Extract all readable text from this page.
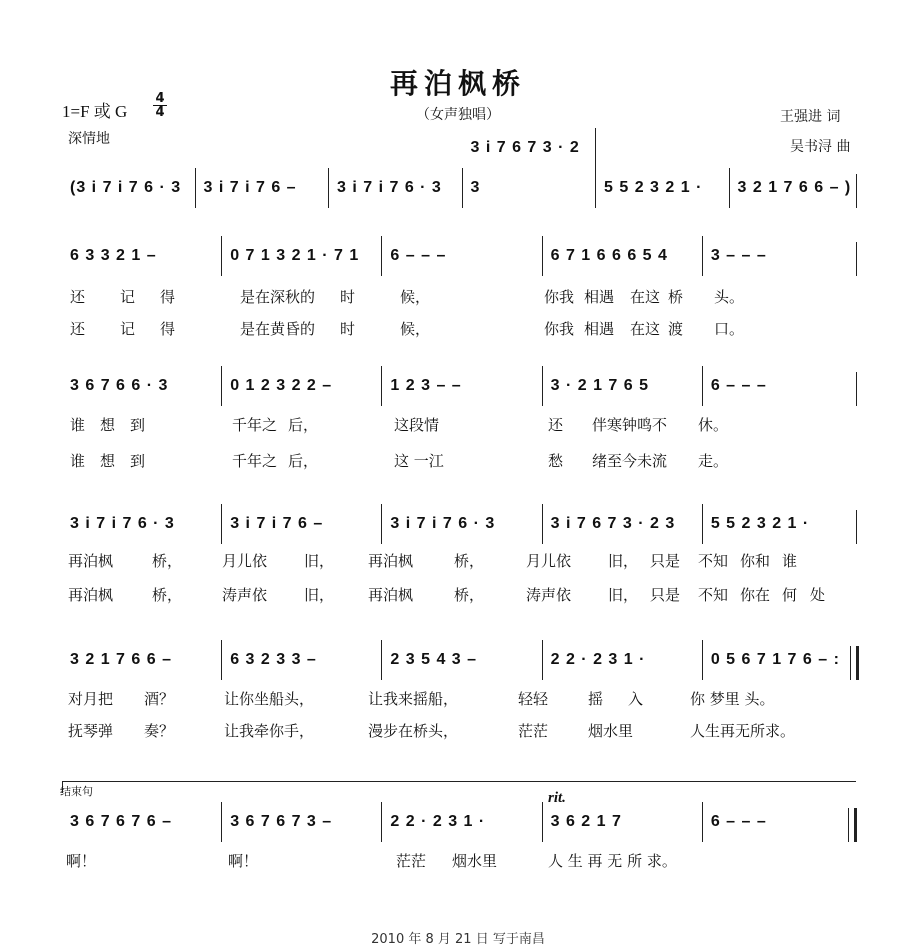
再泊枫桥
（女声独唱）
1=F 或 G
4
4
深情地
王强进 词
吴书浔 曲
(3 i 7 i 7 6 · 3	3 i 7 i 7 6 –	3 i 7 i 7 6 · 3
3 i 7 6 7 3 · 2 3	5 5 2 3 2 1 ·	3 2 1 7 6 6 – )
6 3 3 2 1 –	0 7 1 3 2 1 · 7 1	6 – – –	6 7 1 6 6 6 5 4	3 – – –
还 记 得	是在深秋的 时	候，	你我 相遇 在这 桥 头。
还 记 得	是在黄昏的 时	候，	你我 相遇 在这 渡 口。
3 6 7 6 6 · 3	0 1 2 3 2 2 –	1 2 3 – –	3 · 2 1 7 6 5	6 – – –
谁 想 到	千年之 后，	这段情	还 伴寒钟鸣不 休。
谁 想 到	千年之 后，	这 一江	愁 绪至今未流 走。
3 i 7 i 7 6 · 3	3 i 7 i 7 6 –	3 i 7 i 7 6 · 3	3 i 7 6 7 3 · 2 3	5 5 2 3 2 1 ·
再泊枫	桥，	月儿依 旧， 再泊枫	桥，	月儿依 旧， 只是 不知 你和 谁
再泊枫	桥，	涛声依 旧， 再泊枫	桥，	涛声依 旧， 只是 不知 你在 何 处
3 2 1 7 6 6 –	6 3 2 3 3 –	2 3 5 4 3 –	2 2 · 2 3 1 ·	0 5 6 7 1 7 6 – :
对月把 酒？	让你坐船头，	让我来摇船，	轻轻	摇 入	你 梦里 头。
抚琴弹 奏？	让我牵你手，	漫步在桥头，	茫茫	烟水里	人生再无所求。
结束句	rit.
3 6 7 6 7 6 –	3 6 7 6 7 3 –	2 2 · 2 3 1 ·	3 6 2 1 7	6 – – –
啊！	啊！	茫茫 烟水里	人 生 再 无 所 求。
2010 年 8 月 21 日 写于南昌
